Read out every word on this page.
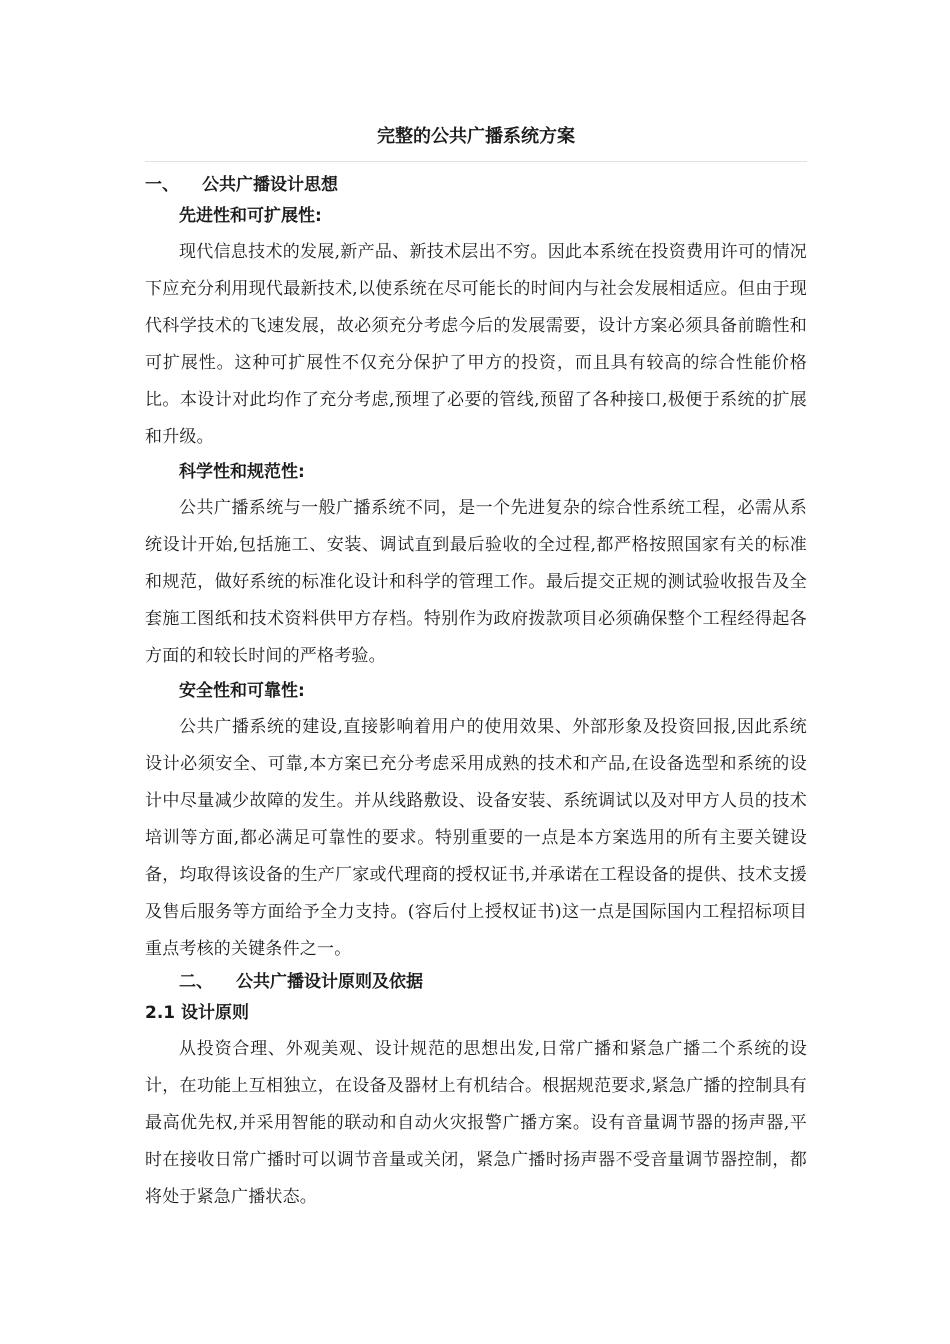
完整的公共广播系统方案
一、 公共广播设计思想
先进性和可扩展性:

现代信息技术的发展,新产品、新技术层出不穷。因此本系统在投资费用许可的情况下应充分利用现代最新技术,以使系统在尽可能长的时间内与社会发展相适应。但由于现代科学技术的飞速发展，故必须充分考虑今后的发展需要，设计方案必须具备前瞻性和可扩展性。这种可扩展性不仅充分保护了甲方的投资，而且具有较高的综合性能价格比。本设计对此均作了充分考虑,预埋了必要的管线,预留了各种接口,极便于系统的扩展和升级。

科学性和规范性:

公共广播系统与一般广播系统不同，是一个先进复杂的综合性系统工程，必需从系统设计开始,包括施工、安装、调试直到最后验收的全过程,都严格按照国家有关的标准和规范，做好系统的标准化设计和科学的管理工作。最后提交正规的测试验收报告及全套施工图纸和技术资料供甲方存档。特别作为政府拨款项目必须确保整个工程经得起各方面的和较长时间的严格考验。

安全性和可靠性:

公共广播系统的建设,直接影响着用户的使用效果、外部形象及投资回报,因此系统设计必须安全、可靠,本方案已充分考虑采用成熟的技术和产品,在设备选型和系统的设计中尽量减少故障的发生。并从线路敷设、设备安装、系统调试以及对甲方人员的技术培训等方面,都必满足可靠性的要求。特别重要的一点是本方案选用的所有主要关键设备，均取得该设备的生产厂家或代理商的授权证书,并承诺在工程设备的提供、技术支援及售后服务等方面给予全力支持。(容后付上授权证书)这一点是国际国内工程招标项目重点考核的关键条件之一。

二、 公共广播设计原则及依据
2.1 设计原则

从投资合理、外观美观、设计规范的思想出发,日常广播和紧急广播二个系统的设计，在功能上互相独立，在设备及器材上有机结合。根据规范要求,紧急广播的控制具有最高优先权,并采用智能的联动和自动火灾报警广播方案。设有音量调节器的扬声器,平时在接收日常广播时可以调节音量或关闭，紧急广播时扬声器不受音量调节器控制，都将处于紧急广播状态。
